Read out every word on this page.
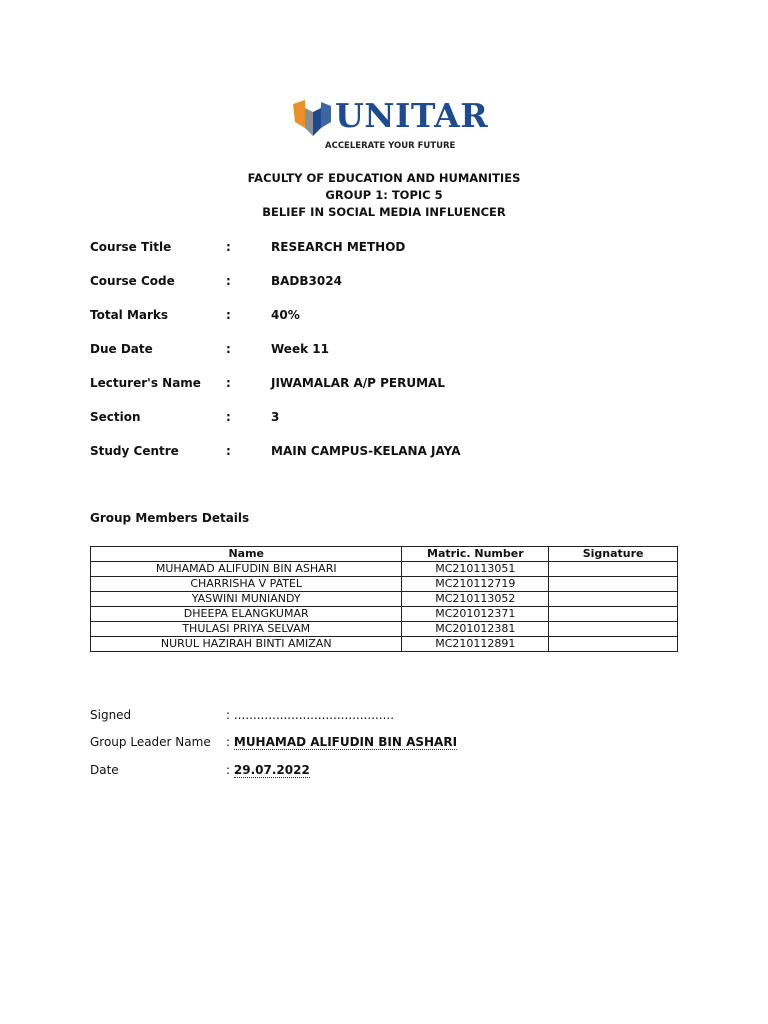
UNITAR
ACCELERATE YOUR FUTURE
FACULTY OF EDUCATION AND HUMANITIES
GROUP 1: TOPIC 5
BELIEF IN SOCIAL MEDIA INFLUENCER
Course Title	:	RESEARCH METHOD
Course Code	:	BADB3024
Total Marks	:	40%
Due Date	:	Week 11
Lecturer's Name :	JIWAMALAR A/P PERUMAL
Section	:	3
Study Centre	:	MAIN CAMPUS-KELANA JAYA
Group Members Details
Name	Matric. Number	Signature
MUHAMAD ALIFUDIN BIN ASHARI	MC210113051	
CHARRISHA V PATEL	MC210112719	
YASWINI MUNIANDY	MC210113052	
DHEEPA ELANGKUMAR	MC201012371	
THULASI PRIYA SELVAM	MC201012381	
NURUL HAZIRAH BINTI AMIZAN	MC210112891	
Signed	: ..........................................
Group Leader Name : MUHAMAD ALIFUDIN BIN ASHARI
Date	: 29.07.2022
